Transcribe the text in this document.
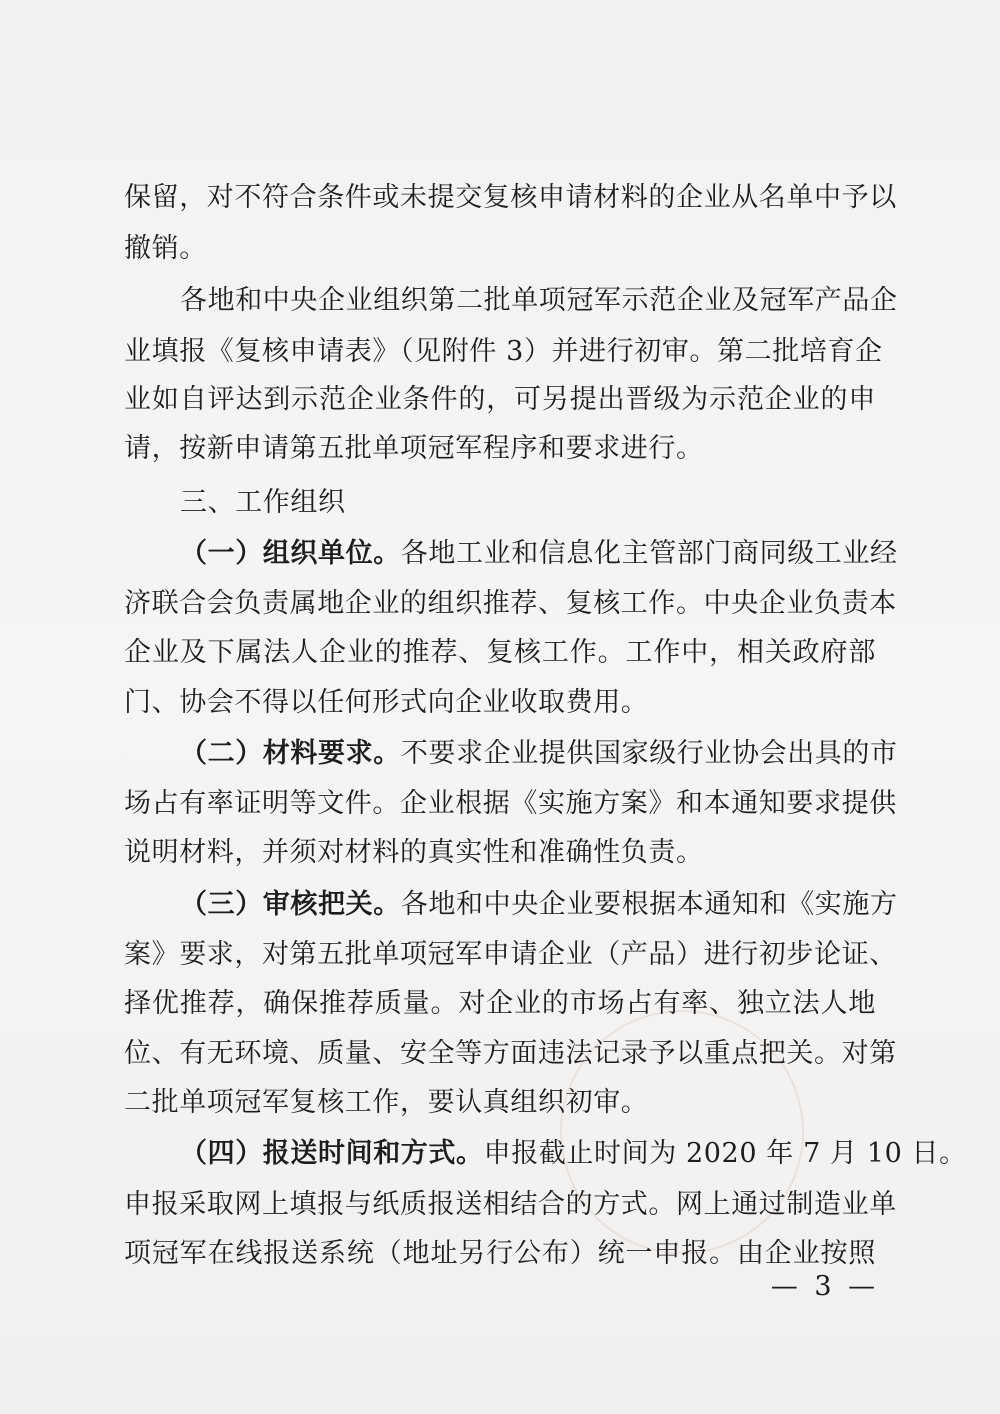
保留，对不符合条件或未提交复核申请材料的企业从名单中予以
撤销。
各地和中央企业组织第二批单项冠军示范企业及冠军产品企
业填报《复核申请表》（见附件 3）并进行初审。第二批培育企
业如自评达到示范企业条件的，可另提出晋级为示范企业的申
请，按新申请第五批单项冠军程序和要求进行。
三、工作组织
（一）组织单位。各地工业和信息化主管部门商同级工业经
济联合会负责属地企业的组织推荐、复核工作。中央企业负责本
企业及下属法人企业的推荐、复核工作。工作中，相关政府部
门、协会不得以任何形式向企业收取费用。
（二）材料要求。不要求企业提供国家级行业协会出具的市
场占有率证明等文件。企业根据《实施方案》和本通知要求提供
说明材料，并须对材料的真实性和准确性负责。
（三）审核把关。各地和中央企业要根据本通知和《实施方
案》要求，对第五批单项冠军申请企业（产品）进行初步论证、
择优推荐，确保推荐质量。对企业的市场占有率、独立法人地
位、有无环境、质量、安全等方面违法记录予以重点把关。对第
二批单项冠军复核工作，要认真组织初审。
（四）报送时间和方式。申报截止时间为 2020 年 7 月 10 日。
申报采取网上填报与纸质报送相结合的方式。网上通过制造业单
项冠军在线报送系统（地址另行公布）统一申报。由企业按照
— 3 —
